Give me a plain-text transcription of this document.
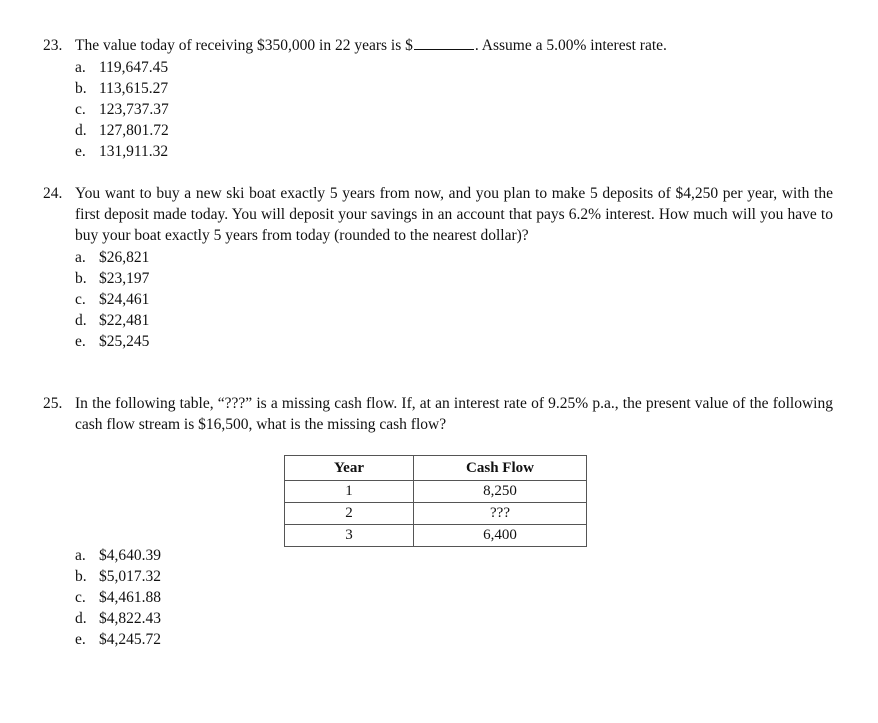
23. The value today of receiving $350,000 in 22 years is $	. Assume a 5.00% interest rate.
a. 119,647.45
b. 113,615.27
c. 123,737.37
d. 127,801.72
e. 131,911.32
24. You want to buy a new ski boat exactly 5 years from now, and you plan to make 5 deposits of $4,250 per year, with the first deposit made today. You will deposit your savings in an account that pays 6.2% interest. How much will you have to buy your boat exactly 5 years from today (rounded to the nearest dollar)?
a. $26,821
b. $23,197
c. $24,461
d. $22,481
e. $25,245
25. In the following table, “???” is a missing cash flow. If, at an interest rate of 9.25% p.a., the present value of the following cash flow stream is $16,500, what is the missing cash flow?
Year	Cash Flow
1	8,250
2	???
3	6,400
a. $4,640.39
b. $5,017.32
c. $4,461.88
d. $4,822.43
e. $4,245.72
